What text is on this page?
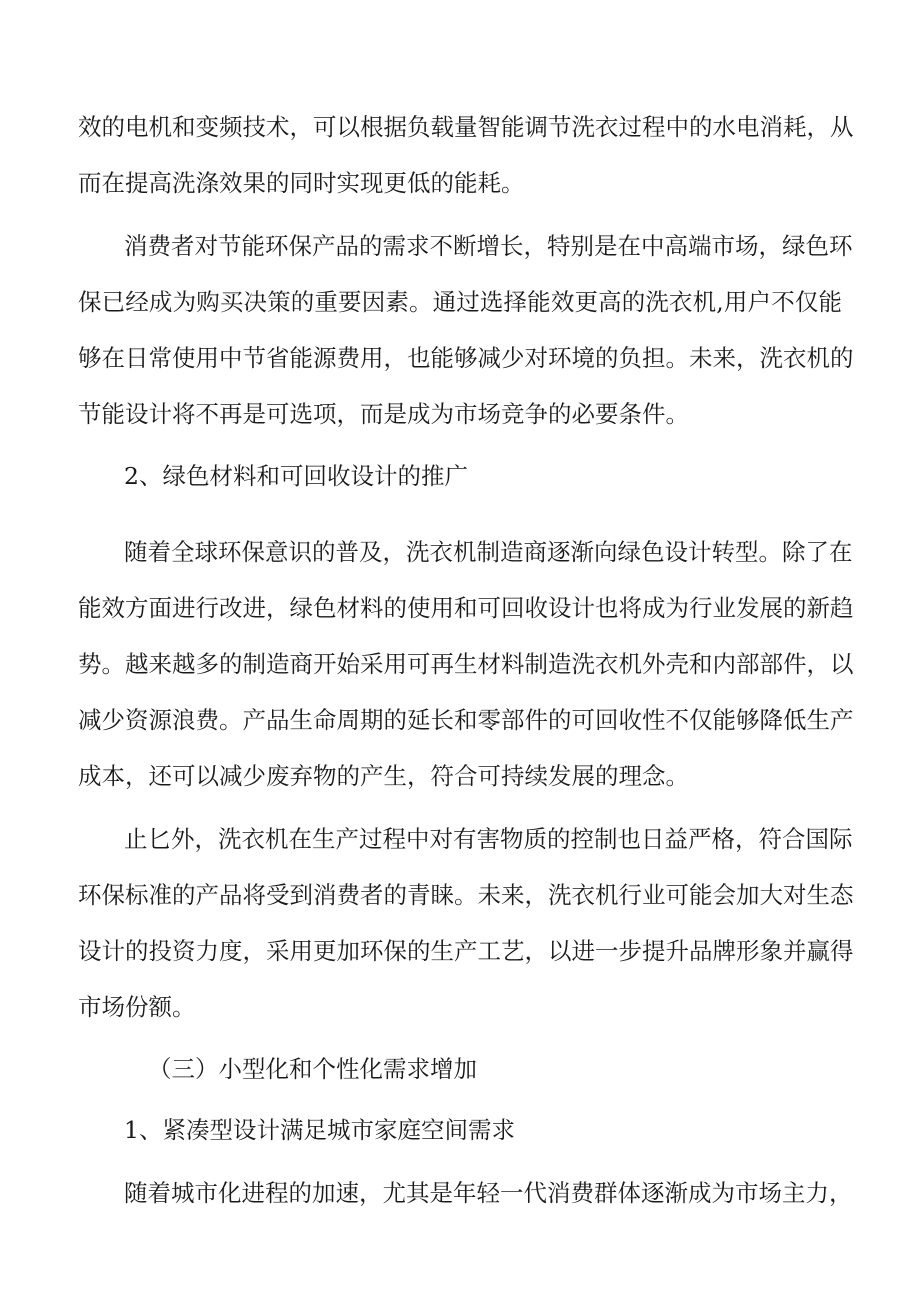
效的电机和变频技术，可以根据负载量智能调节洗衣过程中的水电消耗，从
而在提高洗涤效果的同时实现更低的能耗。
消费者对节能环保产品的需求不断增长，特别是在中高端市场，绿色环
保已经成为购买决策的重要因素。通过选择能效更高的洗衣机,用户不仅能
够在日常使用中节省能源费用，也能够减少对环境的负担。未来，洗衣机的
节能设计将不再是可选项，而是成为市场竞争的必要条件。
2、绿色材料和可回收设计的推广
随着全球环保意识的普及，洗衣机制造商逐渐向绿色设计转型。除了在
能效方面进行改进，绿色材料的使用和可回收设计也将成为行业发展的新趋
势。越来越多的制造商开始采用可再生材料制造洗衣机外壳和内部部件，以
减少资源浪费。产品生命周期的延长和零部件的可回收性不仅能够降低生产
成本，还可以减少废弃物的产生，符合可持续发展的理念。
止匕外，洗衣机在生产过程中对有害物质的控制也日益严格，符合国际
环保标准的产品将受到消费者的青睐。未来，洗衣机行业可能会加大对生态
设计的投资力度，采用更加环保的生产工艺，以进一步提升品牌形象并赢得
市场份额。
（三）小型化和个性化需求增加
1、紧凑型设计满足城市家庭空间需求
随着城市化进程的加速，尤其是年轻一代消费群体逐渐成为市场主力，
